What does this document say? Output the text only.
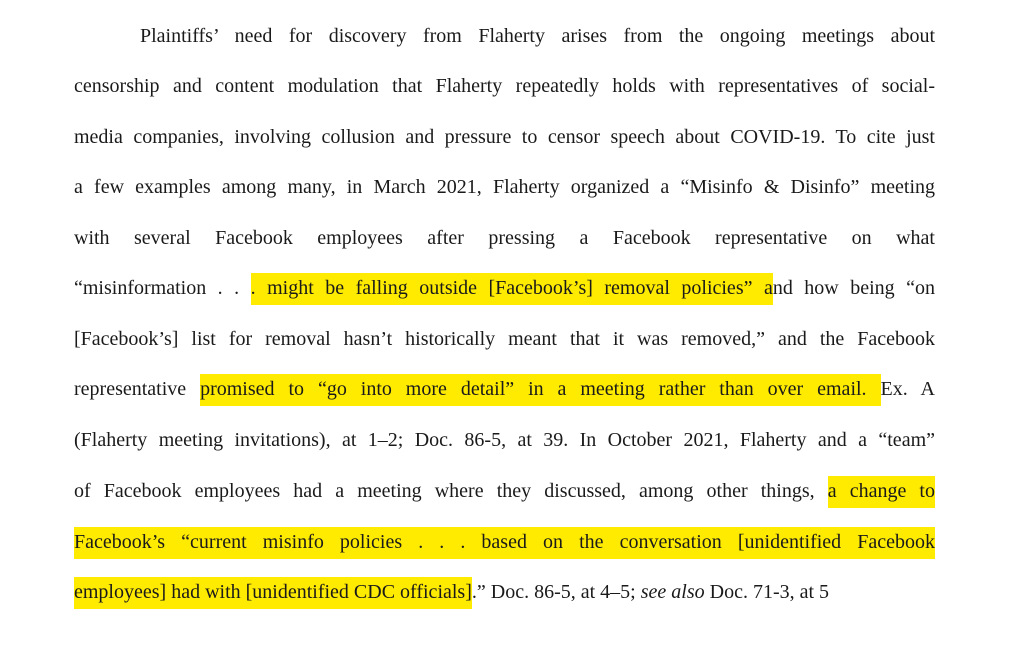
Plaintiffs’ need for discovery from Flaherty arises from the ongoing meetings about
censorship and content modulation that Flaherty repeatedly holds with representatives of social-
media companies, involving collusion and pressure to censor speech about COVID-19. To cite just
a few examples among many, in March 2021, Flaherty organized a “Misinfo & Disinfo” meeting
with several Facebook employees after pressing a Facebook representative on what
“misinformation . . . might be falling outside [Facebook’s] removal policies” and how being “on
[Facebook’s] list for removal hasn’t historically meant that it was removed,” and the Facebook
representative promised to “go into more detail” in a meeting rather than over email. Ex. A
(Flaherty meeting invitations), at 1–2; Doc. 86-5, at 39. In October 2021, Flaherty and a “team”
of Facebook employees had a meeting where they discussed, among other things, a change to
Facebook’s “current misinfo policies . . . based on the conversation [unidentified Facebook
employees] had with [unidentified CDC officials].” Doc. 86-5, at 4–5; see also Doc. 71-3, at 5
